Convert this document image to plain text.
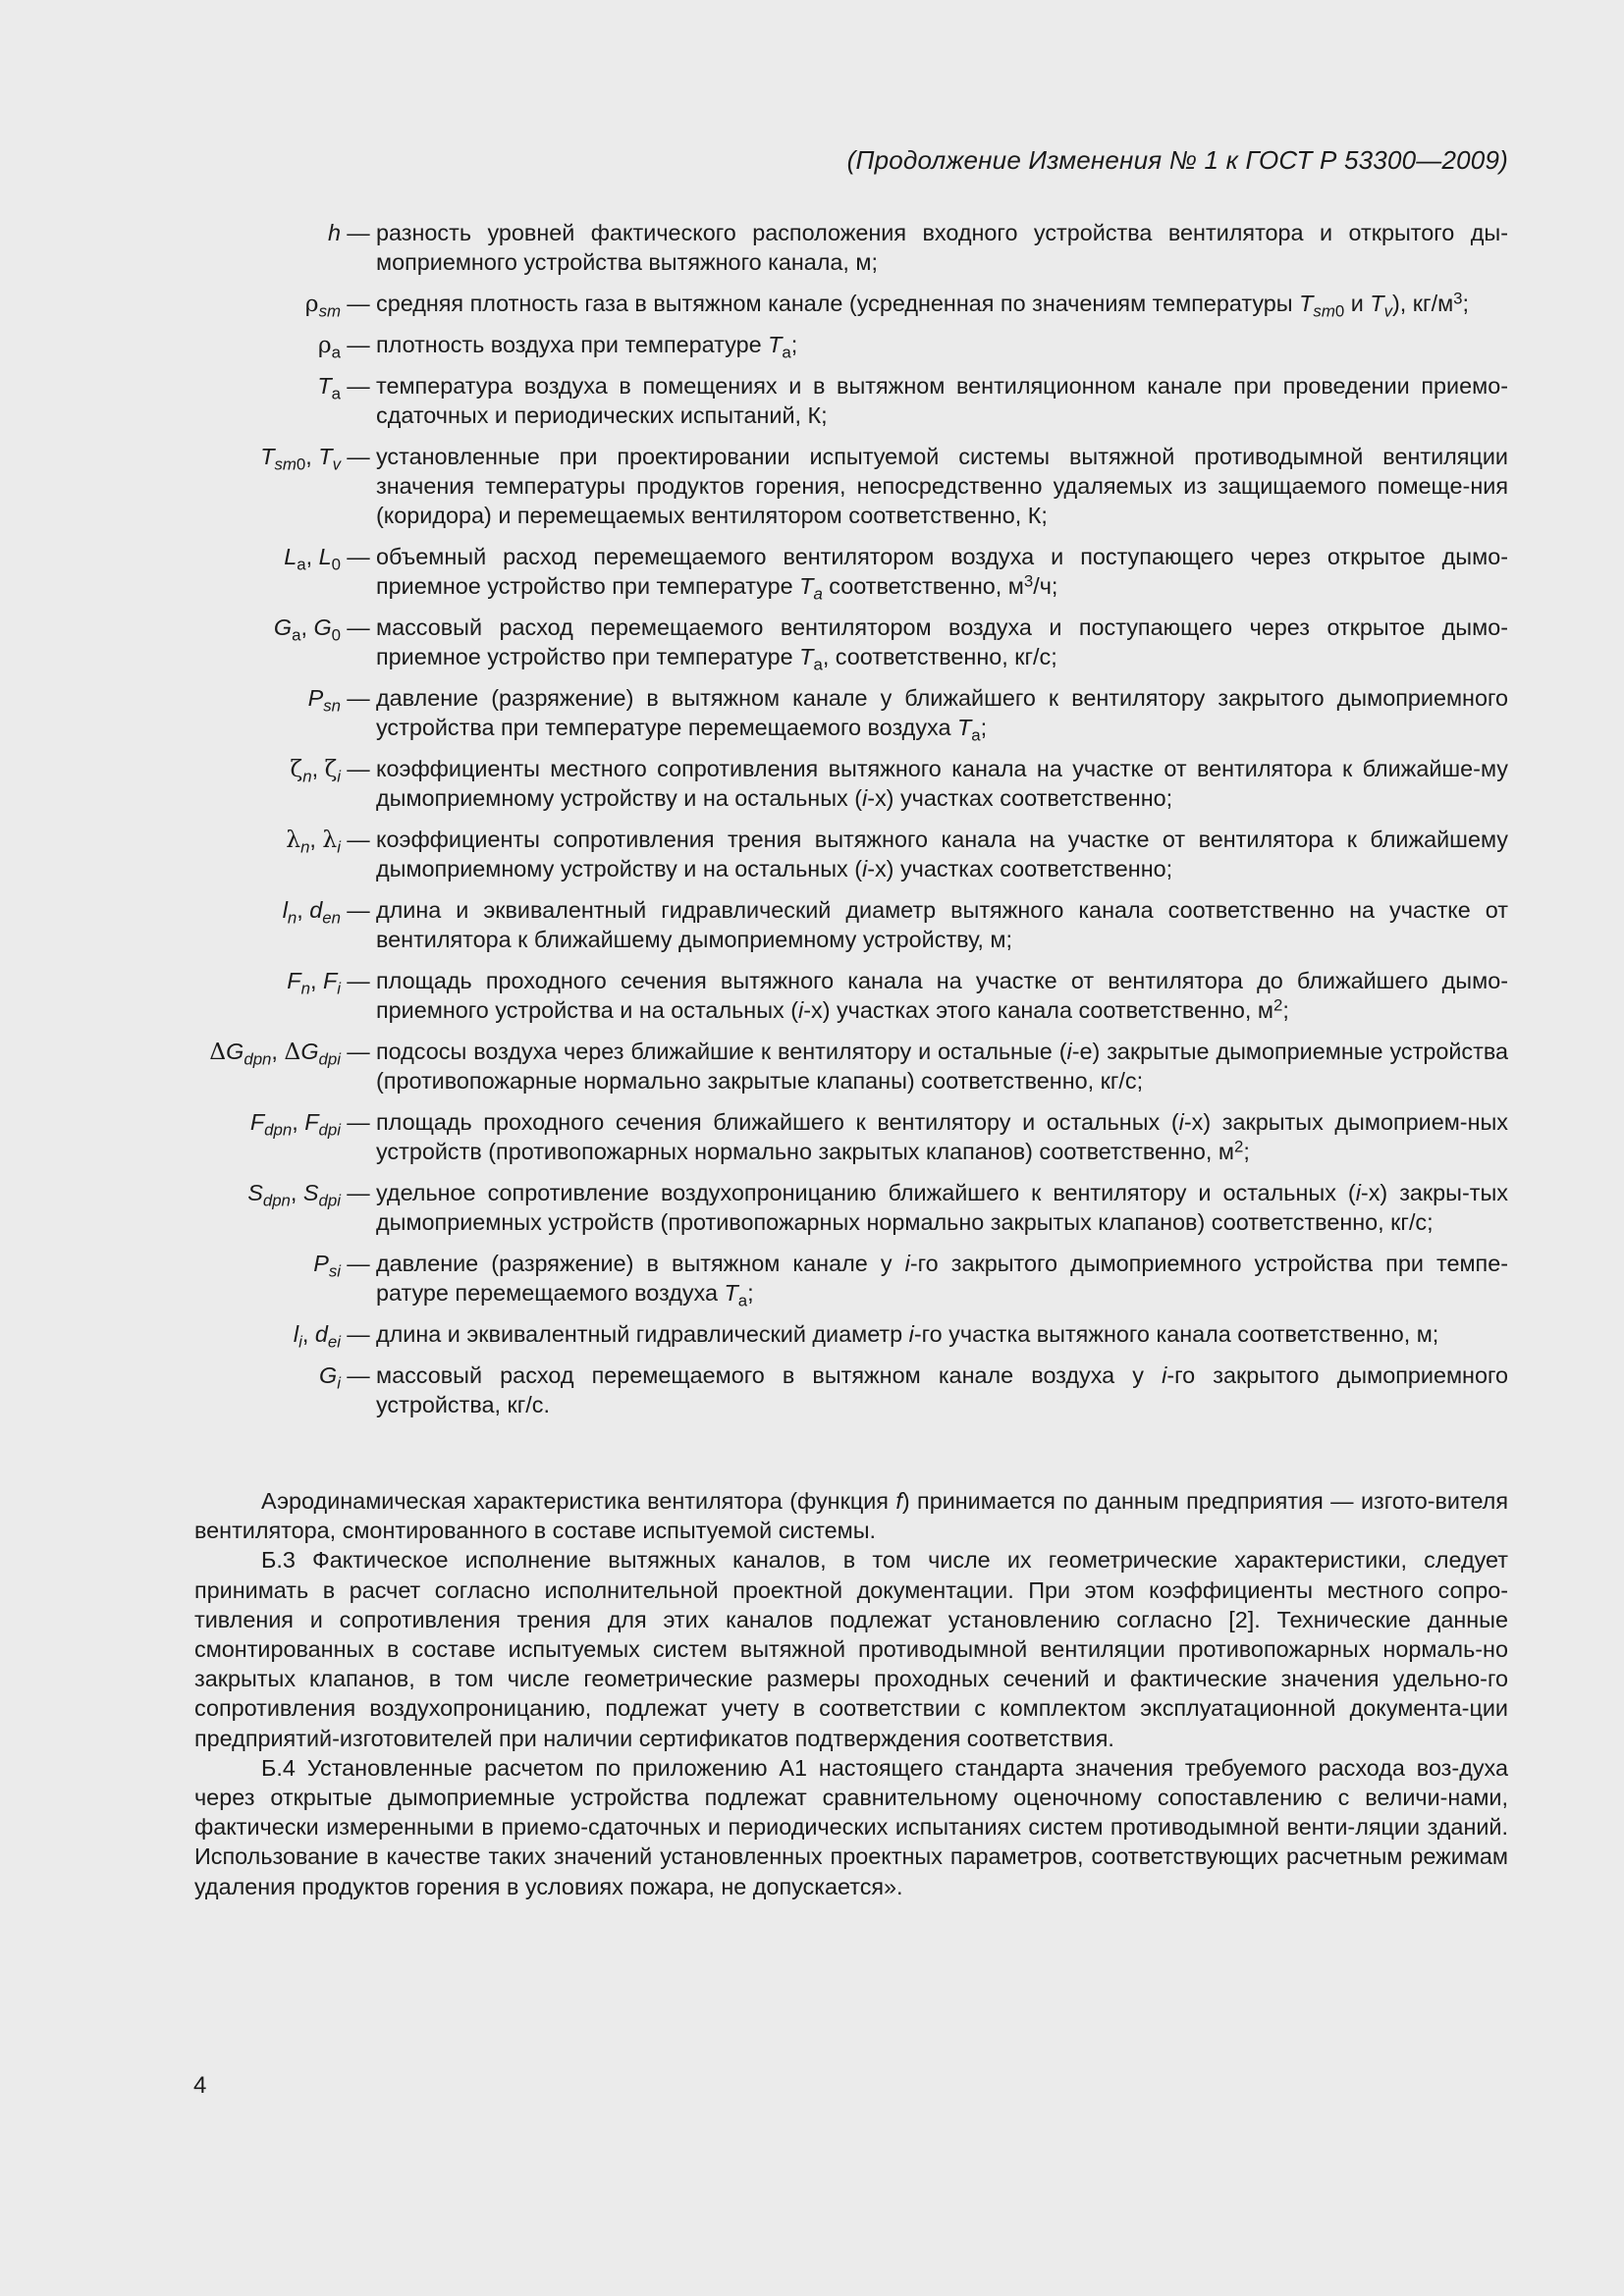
(Продолжение Изменения № 1 к ГОСТ Р 53300—2009)
h — разность уровней фактического расположения входного устройства вентилятора и открытого ды-моприемного устройства вытяжного канала, м;
$\rho_{sm}$ — средняя плотность газа в вытяжном канале (усредненная по значениям температуры $T_{sm0}$ и $T_v$), $кг/м^3$;
$\rho_a$ — плотность воздуха при температуре $T_a$;
$T_a$ — температура воздуха в помещениях и в вытяжном вентиляционном канале при проведении приемо-сдаточных и периодических испытаний, К;
$T_{sm0}$, $T_v$ — установленные при проектировании испытуемой системы вытяжной противодымной вентиляции значения температуры продуктов горения, непосредственно удаляемых из защищаемого помеще-ния (коридора) и перемещаемых вентилятором соответственно, К;
$L_a$, $L_0$ — объемный расход перемещаемого вентилятором воздуха и поступающего через открытое дымо-приемное устройство при температуре $T_a$ соответственно, $м^3/ч$;
$G_a$, $G_0$ — массовый расход перемещаемого вентилятором воздуха и поступающего через открытое дымо-приемное устройство при температуре $T_a$, соответственно, кг/с;
$P_{sn}$ — давление (разряжение) в вытяжном канале у ближайшего к вентилятору закрытого дымоприемного устройства при температуре перемещаемого воздуха $T_a$;
$\zeta_n$, $\zeta_i$ — коэффициенты местного сопротивления вытяжного канала на участке от вентилятора к ближайше-му дымоприемному устройству и на остальных (i-х) участках соответственно;
$\lambda_n$, $\lambda_i$ — коэффициенты сопротивления трения вытяжного канала на участке от вентилятора к ближайшему дымоприемному устройству и на остальных (i-х) участках соответственно;
$l_n$, $d_{en}$ — длина и эквивалентный гидравлический диаметр вытяжного канала соответственно на участке от вентилятора к ближайшему дымоприемному устройству, м;
$F_n$, $F_i$ — площадь проходного сечения вытяжного канала на участке от вентилятора до ближайшего дымо-приемного устройства и на остальных (i-х) участках этого канала соответственно, $м^2$;
$\Delta G_{dpn}$, $\Delta G_{dpi}$ — подсосы воздуха через ближайшие к вентилятору и остальные (i-е) закрытые дымоприемные устройства (противопожарные нормально закрытые клапаны) соответственно, кг/с;
$F_{dpn}$, $F_{dpi}$ — площадь проходного сечения ближайшего к вентилятору и остальных (i-х) закрытых дымоприем-ных устройств (противопожарных нормально закрытых клапанов) соответственно, $м^2$;
$S_{dpn}$, $S_{dpi}$ — удельное сопротивление воздухопроницанию ближайшего к вентилятору и остальных (i-х) закры-тых дымоприемных устройств (противопожарных нормально закрытых клапанов) соответственно, кг/с;
$P_{si}$ — давление (разряжение) в вытяжном канале у i-го закрытого дымоприемного устройства при темпе-ратуре перемещаемого воздуха $T_a$;
$l_i$, $d_{ei}$ — длина и эквивалентный гидравлический диаметр i-го участка вытяжного канала соответственно, м;
$G_i$ — массовый расход перемещаемого в вытяжном канале воздуха у i-го закрытого дымоприемного устройства, кг/с.

Аэродинамическая характеристика вентилятора (функция f) принимается по данным предприятия — изгото-вителя вентилятора, смонтированного в составе испытуемой системы.

Б.3 Фактическое исполнение вытяжных каналов, в том числе их геометрические характеристики, следует принимать в расчет согласно исполнительной проектной документации. При этом коэффициенты местного сопро-тивления и сопротивления трения для этих каналов подлежат установлению согласно [2]. Технические данные смонтированных в составе испытуемых систем вытяжной противодымной вентиляции противопожарных нормаль-но закрытых клапанов, в том числе геометрические размеры проходных сечений и фактические значения удельно-го сопротивления воздухопроницанию, подлежат учету в соответствии с комплектом эксплуатационной документа-ции предприятий-изготовителей при наличии сертификатов подтверждения соответствия.

Б.4 Установленные расчетом по приложению А1 настоящего стандарта значения требуемого расхода воз-духа через открытые дымоприемные устройства подлежат сравнительному оценочному сопоставлению с величи-нами, фактически измеренными в приемо-сдаточных и периодических испытаниях систем противодымной венти-ляции зданий. Использование в качестве таких значений установленных проектных параметров, соответствующих расчетным режимам удаления продуктов горения в условиях пожара, не допускается».

4
